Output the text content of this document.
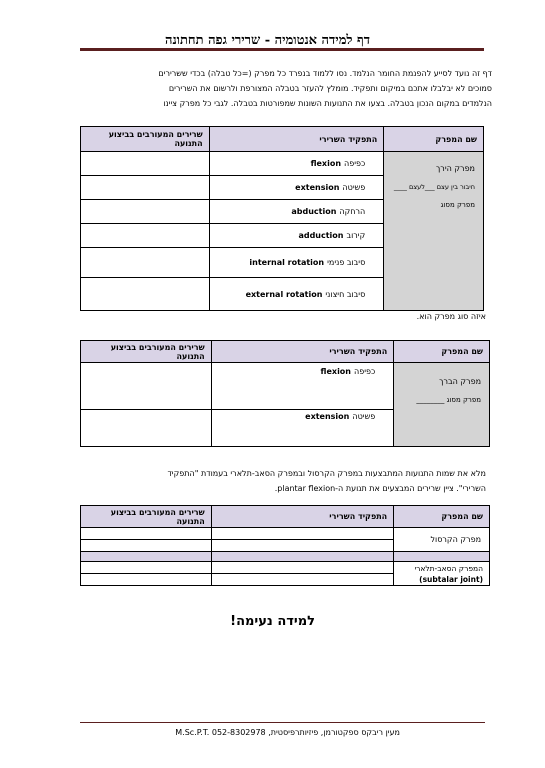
דף למידה אנטומיה - שרירי גפה תחתונה
דף זה נועד לסייע להפנמת החומר הנלמד. נסו ללמוד בנפרד כל מפרק (=כל טבלה) בכדי ששרירים
סמוכים לא יבלבלו אתכם במיקום ותפקיד. מומלץ להעזר בטבלה המצורפת ולרשום את השרירים
הנלמדים במקום הנכון בטבלה. בצעו את התנועות השונות שמפורטות בטבלה. לגבי כל מפרק ציינו
שם המפרק	התפקיד השרירי	שרירים המעורבים בביצוע התנועה

מפרק הירך
חיבור בין עצם ___לעצם ____
מפרק מסוג	כפיפהflexion	
	פשיטהextension	
	הרחקהabduction	
	קירובadduction	
	סיבוב פנימיinternal rotation	
	סיבוב חיצוניexternal rotation	
איזה סוג מפרק הוא.
שם המפרק	התפקיד השרירי	שרירים המעורבים בביצוע התנועה

מפרק הברך
מפרק מסוג ________	כפיפהflexion	
	פשיטהextension	
מלא את שמות התנועות המתבצעות במפרק הקרסול ובמפרק הסאב-תלארי בעמודת "התפקיד
השרירי". ציין שרירים המבצעים את תנועת ה-plantar flexion.
שם המפרק	התפקיד השרירי	שרירים המעורבים בביצוע התנועה
מפרק הקרסול		

המפרק הסאב-תלארי
(subtalar joint)		

למידה נעימה!
מעין ריבקס ספקטורמן, פיזיותרפיסטית, M.Sc.P.T. 052-8302978
